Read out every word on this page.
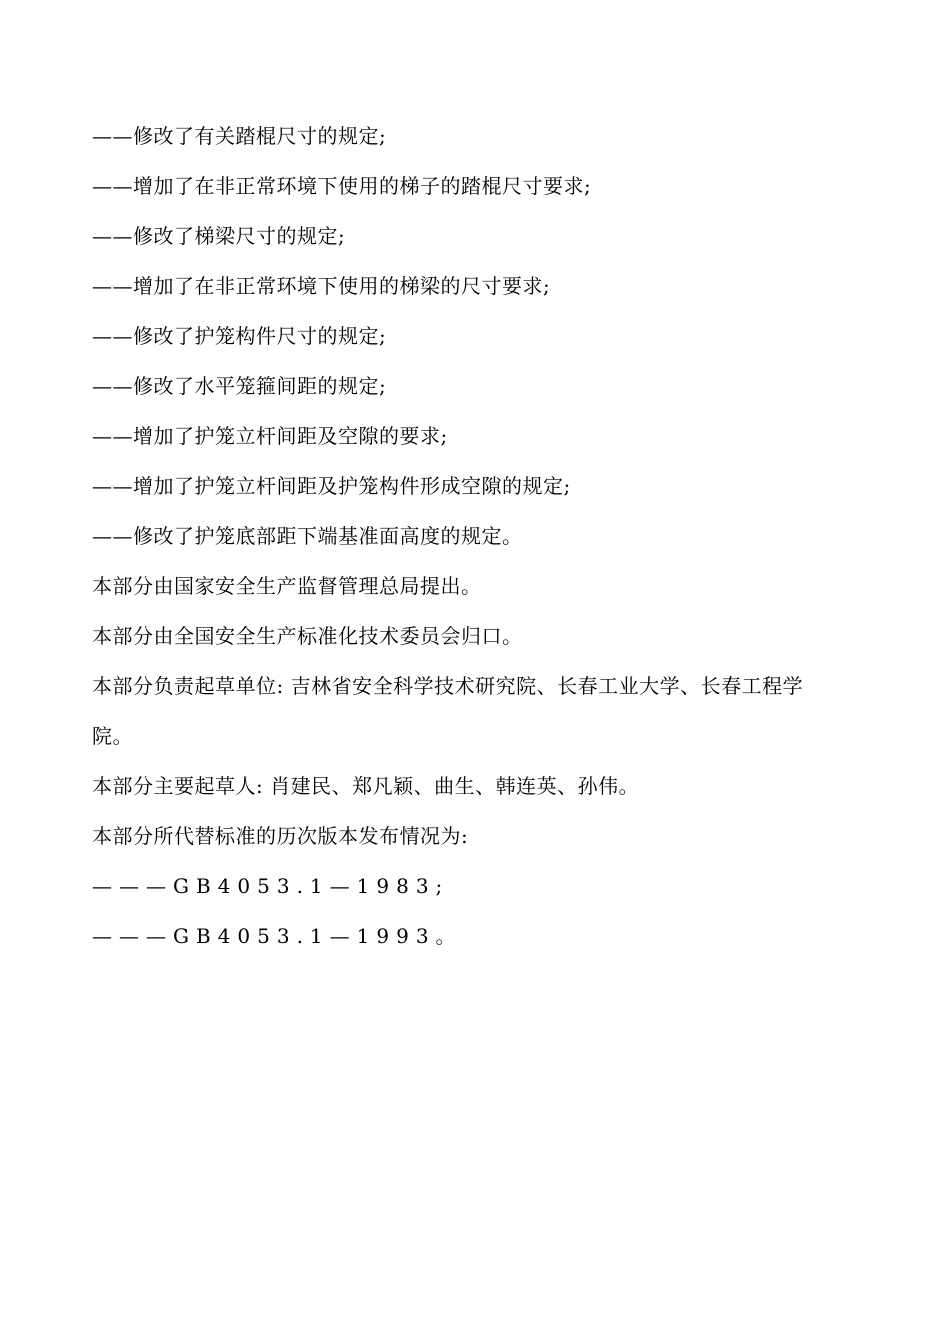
——修改了有关踏棍尺寸的规定;
——增加了在非正常环境下使用的梯子的踏棍尺寸要求;
——修改了梯梁尺寸的规定;
——增加了在非正常环境下使用的梯梁的尺寸要求;
——修改了护笼构件尺寸的规定;
——修改了水平笼箍间距的规定;
——增加了护笼立杆间距及空隙的要求;
——增加了护笼立杆间距及护笼构件形成空隙的规定;
——修改了护笼底部距下端基准面高度的规定。
本部分由国家安全生产监督管理总局提出。
本部分由全国安全生产标准化技术委员会归口。
本部分负责起草单位: 吉林省安全科学技术研究院、长春工业大学、长春工程学
院。
本部分主要起草人: 肖建民、郑凡颖、曲生、韩连英、孙伟。
本部分所代替标准的历次版本发布情况为:
———GB4053.1—1983;
———GB4053.1—1993。
